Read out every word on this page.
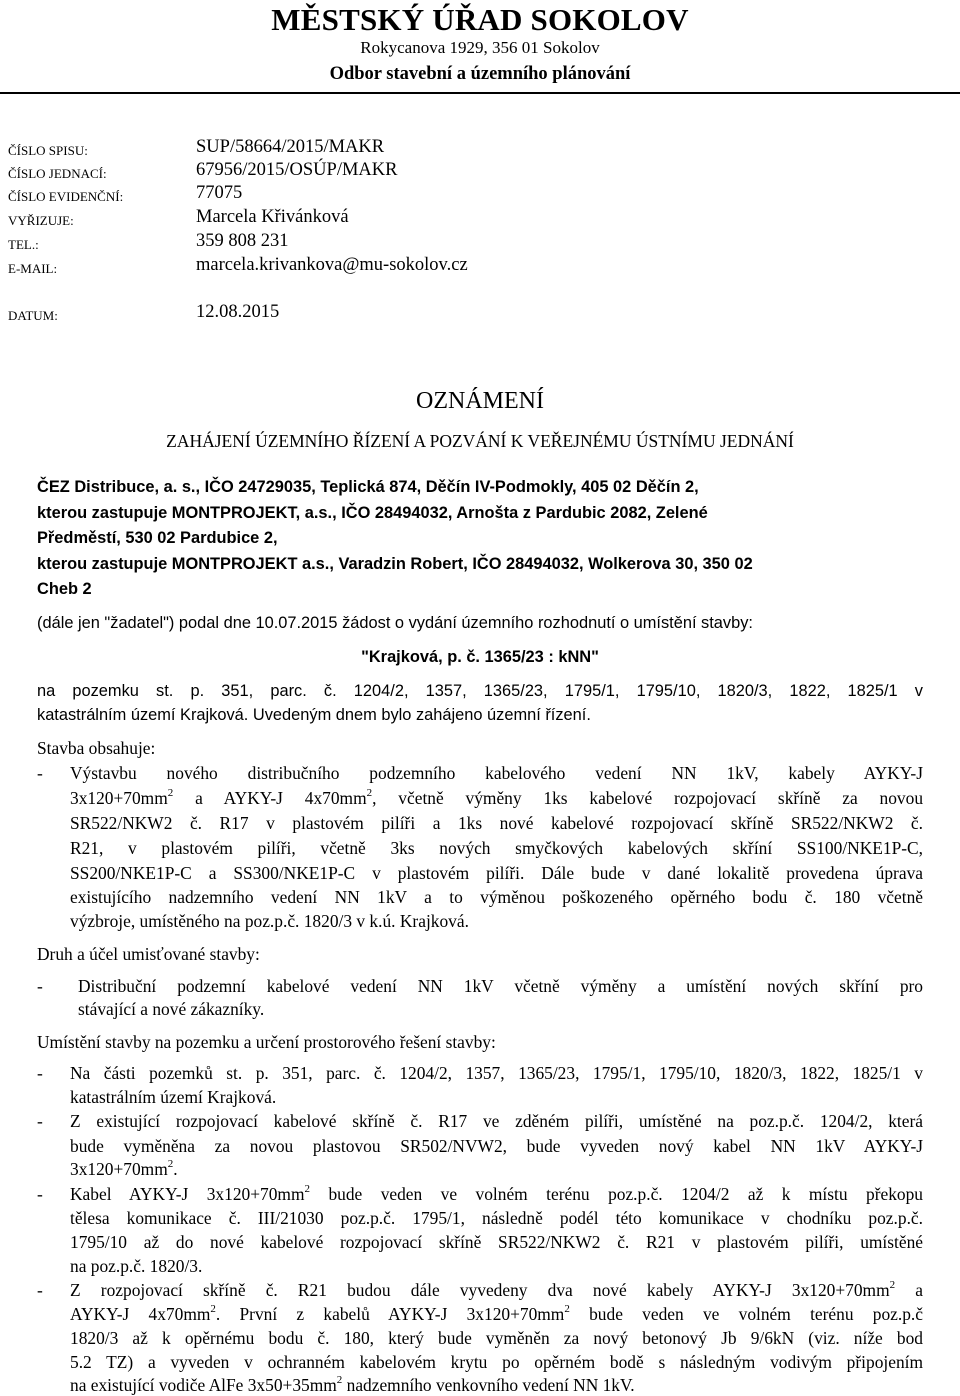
MĚSTSKÝ ÚŘAD SOKOLOV
Rokycanova 1929, 356 01 Sokolov
Odbor stavební a územního plánování
ČÍSLO SPISU:	SUP/58664/2015/MAKR
ČÍSLO JEDNACÍ:	67956/2015/OSÚP/MAKR
ČÍSLO EVIDENČNÍ:	77075
VYŘIZUJE:	Marcela Křivánková
TEL.:	359 808 231
E-MAIL:	marcela.krivankova@mu-sokolov.cz
DATUM:	12.08.2015
OZNÁMENÍ
ZAHÁJENÍ ÚZEMNÍHO ŘÍZENÍ A POZVÁNÍ K VEŘEJNÉMU ÚSTNÍMU JEDNÁNÍ
ČEZ Distribuce, a. s., IČO 24729035, Teplická 874, Děčín IV-Podmokly, 405 02 Děčín 2,
kterou zastupuje MONTPROJEKT, a.s., IČO 28494032, Arnošta z Pardubic 2082, Zelené
Předměstí, 530 02 Pardubice 2,
kterou zastupuje MONTPROJEKT a.s., Varadzin Robert, IČO 28494032, Wolkerova 30, 350 02
Cheb 2
(dále jen "žadatel") podal dne 10.07.2015 žádost o vydání územního rozhodnutí o umístění stavby:
"Krajková, p. č. 1365/23 : kNN"
na pozemku st. p. 351, parc. č. 1204/2, 1357, 1365/23, 1795/1, 1795/10, 1820/3, 1822, 1825/1 v
katastrálním území Krajková. Uvedeným dnem bylo zahájeno územní řízení.
Stavba obsahuje:
- Výstavbu nového distribučního podzemního kabelového vedení NN 1kV, kabely AYKY-J
$3x120+70mm^2$ a AYKY-J $4x70mm^2$, včetně výměny 1ks kabelové rozpojovací skříně za novou
SR522/NKW2 č. R17 v plastovém pilíři a 1ks nové kabelové rozpojovací skříně SR522/NKW2 č.
R21, v plastovém pilíři, včetně 3ks nových smyčkových kabelových skříní SS100/NKE1P-C,
SS200/NKE1P-C a SS300/NKE1P-C v plastovém pilíři. Dále bude v dané lokalitě provedena úprava
existujícího nadzemního vedení NN 1kV a to výměnou poškozeného opěrného bodu č. 180 včetně
výzbroje, umístěného na poz.p.č. 1820/3 v k.ú. Krajková.
Druh a účel umisťované stavby:
- Distribuční podzemní kabelové vedení NN 1kV včetně výměny a umístění nových skříní pro
stávající a nové zákazníky.
Umístění stavby na pozemku a určení prostorového řešení stavby:
- Na části pozemků st. p. 351, parc. č. 1204/2, 1357, 1365/23, 1795/1, 1795/10, 1820/3, 1822, 1825/1 v
katastrálním území Krajková.
- Z existující rozpojovací kabelové skříně č. R17 ve zděném pilíři, umístěné na poz.p.č. 1204/2, která
bude vyměněna za novou plastovou SR502/NVW2, bude vyveden nový kabel NN 1kV AYKY-J
$3x120+70mm^2$.
- Kabel AYKY-J $3x120+70mm^2$ bude veden ve volném terénu poz.p.č. 1204/2 až k místu překopu
tělesa komunikace č. III/21030 poz.p.č. 1795/1, následně podél této komunikace v chodníku poz.p.č.
1795/10 až do nové kabelové rozpojovací skříně SR522/NKW2 č. R21 v plastovém pilíři, umístěné
na poz.p.č. 1820/3.
- Z rozpojovací skříně č. R21 budou dále vyvedeny dva nové kabely AYKY-J $3x120+70mm^2$ a
AYKY-J $4x70mm^2$. První z kabelů AYKY-J $3x120+70mm^2$ bude veden ve volném terénu poz.p.č
1820/3 až k opěrnému bodu č. 180, který bude vyměněn za nový betonový Jb 9/6kN (viz. níže bod
5.2 TZ) a vyveden v ochranném kabelovém krytu po opěrném bodě s následným vodivým připojením
na existující vodiče AlFe $3x50+35mm^2$ nadzemního venkovního vedení NN 1kV.
